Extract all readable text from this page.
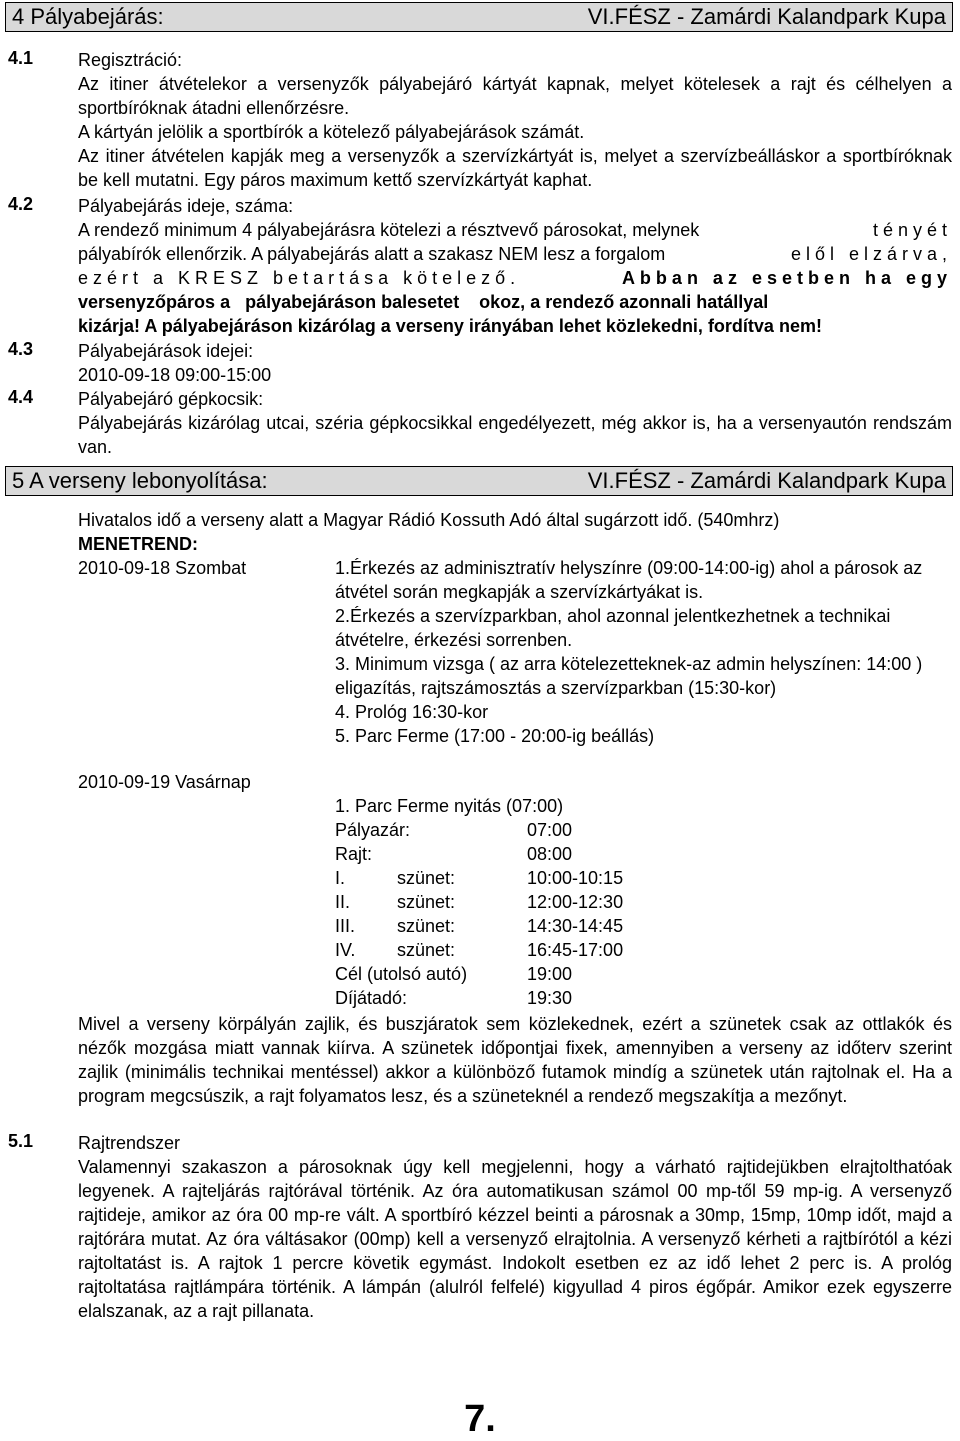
4 Pályabejárás:	VI.FÉSZ - Zamárdi Kalandpark Kupa
4.1	Regisztráció:

Az itiner átvételekor a versenyzők pályabejáró kártyát kapnak, melyet kötelesek a rajt és célhelyen a sportbíróknak átadni ellenőrzésre.

A kártyán jelölik a sportbírók a kötelező pályabejárások számát.

Az itiner átvételen kapják meg a versenyzők a szervízkártyát is, melyet a szervízbeálláskor a sportbíróknak be kell mutatni. Egy páros maximum kettő szervízkártyát kaphat.

4.2	Pályabejárás ideje, száma:

A rendező minimum 4 pályabejárásra kötelezi a résztvevő párosokat, melynek	tényét

pályabírók ellenőrzik. A pályabejárás alatt a szakasz NEM lesz a forgalom	elől elzárva,

ezért a KRESZ betartása kötelező.	Abban az esetben ha egy

versenyzőpáros a   pályabejáráson balesetet    okoz, a rendező azonnali hatállyal

kizárja! A pályabejáráson kizárólag a verseny irányában lehet közlekedni, fordítva nem!

4.3	Pályabejárások idejei:

2010-09-18 09:00-15:00

4.4	Pályabejáró gépkocsik:

Pályabejárás kizárólag utcai, széria gépkocsikkal engedélyezett, még akkor is, ha a versenyautón rendszám van.

5 A verseny lebonyolítása:	VI.FÉSZ - Zamárdi Kalandpark Kupa

Hivatalos idő a verseny alatt a Magyar Rádió Kossuth Adó által sugárzott idő. (540mhrz)

MENETREND:

2010-09-18 Szombat	1.Érkezés az adminisztratív helyszínre (09:00-14:00-ig) ahol a párosok az átvétel során megkapják a szervízkártyákat is.

2.Érkezés a szervízparkban, ahol azonnal jelentkezhetnek a technikai átvételre, érkezési sorrenben.

3. Minimum vizsga ( az arra kötelezetteknek-az admin helyszínen: 14:00 ) eligazítás, rajtszámosztás a szervízparkban (15:30-kor)

4. Prológ 16:30-kor

5. Parc Ferme (17:00 - 20:00-ig beállás)

2010-09-19 Vasárnap
1. Parc Ferme nyitás (07:00)
Pályazár:	07:00
Rajt:	08:00
I.	szünet:	10:00-10:15
II.	szünet:	12:00-12:30
III. szünet:	14:30-14:45
IV. szünet:	16:45-17:00
Cél (utolsó autó)	19:00
Díjátadó:	19:30

Mivel a verseny körpályán zajlik, és buszjáratok sem közlekednek, ezért a szünetek csak az ottlakók és nézők mozgása miatt vannak kiírva. A szünetek időpontjai fixek, amennyiben a verseny az időterv szerint zajlik (minimális technikai mentéssel) akkor a különböző futamok mindíg a szünetek után rajtolnak el. Ha a program megcsúszik, a rajt folyamatos lesz, és a szüneteknél a rendező megszakítja a mezőnyt.

5.1	Rajtrendszer

Valamennyi szakaszon a párosoknak úgy kell megjelenni, hogy a várható rajtidejükben elrajtolthatóak legyenek. A rajteljárás rajtórával történik. Az óra automatikusan számol 00 mp-től 59 mp-ig. A versenyző rajtideje, amikor az óra 00 mp-re vált. A sportbíró kézzel beinti a párosnak a 30mp, 15mp, 10mp időt, majd a rajtórára mutat. Az óra váltásakor (00mp) kell a versenyző elrajtolnia. A versenyző kérheti a rajtbírótól a kézi rajtoltatást is. A rajtok 1 percre követik egymást. Indokolt esetben ez az idő lehet 2 perc is. A prológ rajtoltatása rajtlámpára történik. A lámpán (alulról felfelé) kigyullad 4 piros égőpár. Amikor ezek egyszerre elalszanak, az a rajt pillanata.

7.
